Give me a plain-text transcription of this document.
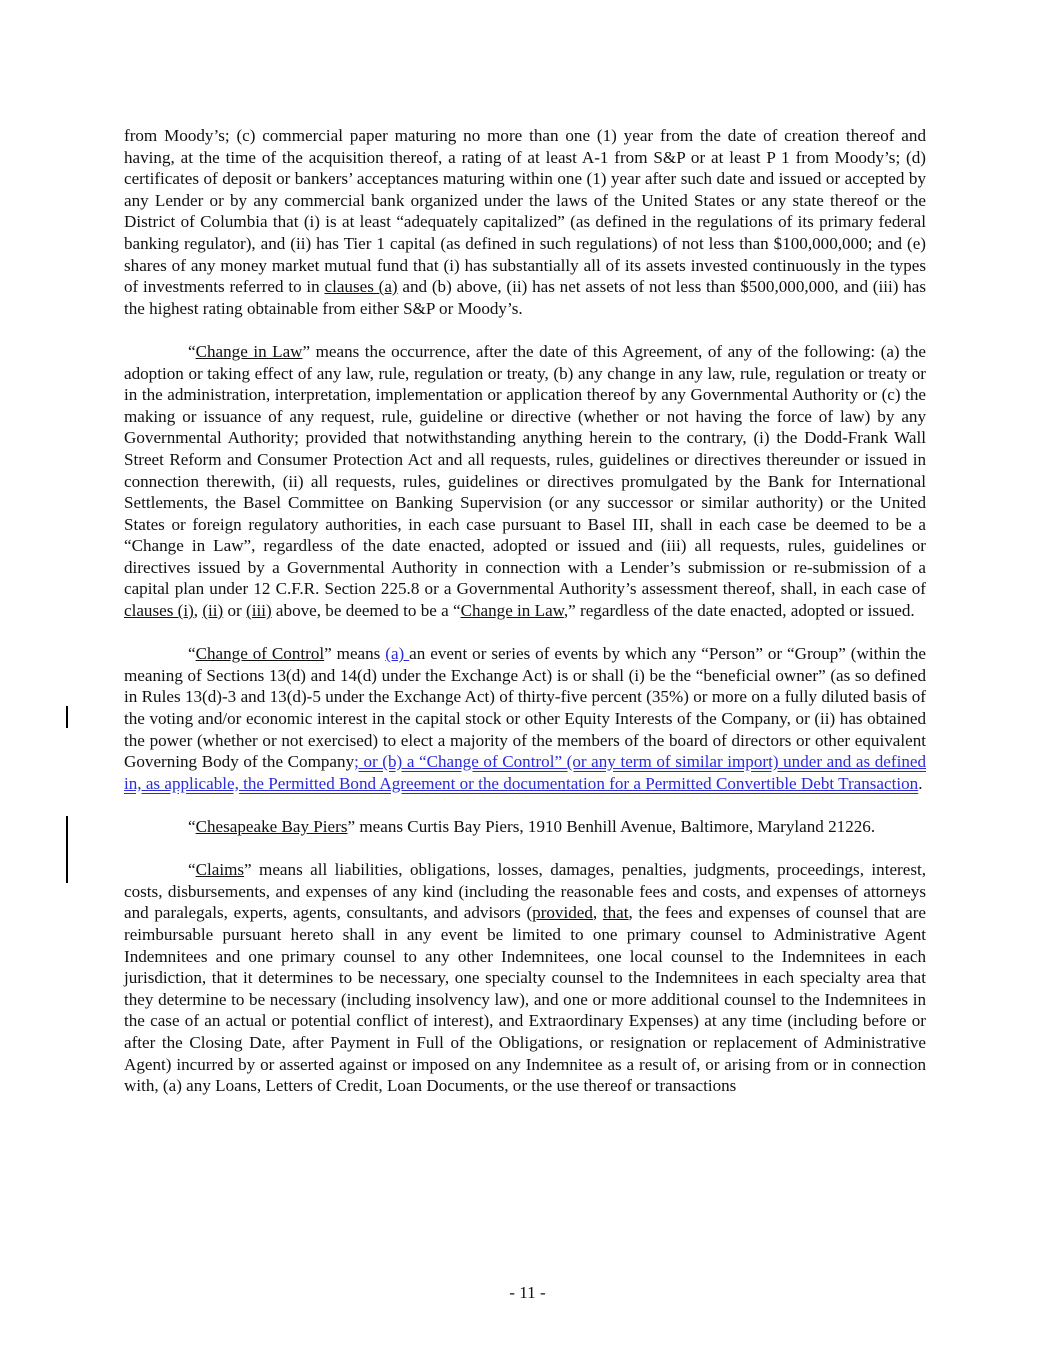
from Moody’s; (c) commercial paper maturing no more than one (1) year from the date of creation thereof and having, at the time of the acquisition thereof, a rating of at least A-1 from S&P or at least P 1 from Moody’s; (d) certificates of deposit or bankers’ acceptances maturing within one (1) year after such date and issued or accepted by any Lender or by any commercial bank organized under the laws of the United States or any state thereof or the District of Columbia that (i) is at least “adequately capitalized” (as defined in the regulations of its primary federal banking regulator), and (ii) has Tier 1 capital (as defined in such regulations) of not less than $100,000,000; and (e) shares of any money market mutual fund that (i) has substantially all of its assets invested continuously in the types of investments referred to in clauses (a) and (b) above, (ii) has net assets of not less than $500,000,000, and (iii) has the highest rating obtainable from either S&P or Moody’s.

“Change in Law” means the occurrence, after the date of this Agreement, of any of the following: (a) the adoption or taking effect of any law, rule, regulation or treaty, (b) any change in any law, rule, regulation or treaty or in the administration, interpretation, implementation or application thereof by any Governmental Authority or (c) the making or issuance of any request, rule, guideline or directive (whether or not having the force of law) by any Governmental Authority; provided that notwithstanding anything herein to the contrary, (i) the Dodd-Frank Wall Street Reform and Consumer Protection Act and all requests, rules, guidelines or directives thereunder or issued in connection therewith, (ii) all requests, rules, guidelines or directives promulgated by the Bank for International Settlements, the Basel Committee on Banking Supervision (or any successor or similar authority) or the United States or foreign regulatory authorities, in each case pursuant to Basel III, shall in each case be deemed to be a “Change in Law”, regardless of the date enacted, adopted or issued and (iii) all requests, rules, guidelines or directives issued by a Governmental Authority in connection with a Lender’s submission or re-submission of a capital plan under 12 C.F.R. Section 225.8 or a Governmental Authority’s assessment thereof, shall, in each case of clauses (i), (ii) or (iii) above, be deemed to be a “Change in Law,” regardless of the date enacted, adopted or issued.

“Change of Control” means (a) an event or series of events by which any “Person” or “Group” (within the meaning of Sections 13(d) and 14(d) under the Exchange Act) is or shall (i) be the “beneficial owner” (as so defined in Rules 13(d)-3 and 13(d)-5 under the Exchange Act) of thirty-five percent (35%) or more on a fully diluted basis of the voting and/or economic interest in the capital stock or other Equity Interests of the Company, or (ii) has obtained the power (whether or not exercised) to elect a majority of the members of the board of directors or other equivalent Governing Body of the Company; or (b) a “Change of Control” (or any term of similar import) under and as defined in, as applicable, the Permitted Bond Agreement or the documentation for a Permitted Convertible Debt Transaction.

“Chesapeake Bay Piers” means Curtis Bay Piers, 1910 Benhill Avenue, Baltimore, Maryland 21226.

“Claims” means all liabilities, obligations, losses, damages, penalties, judgments, proceedings, interest, costs, disbursements, and expenses of any kind (including the reasonable fees and costs, and expenses of attorneys and paralegals, experts, agents, consultants, and advisors (provided, that, the fees and expenses of counsel that are reimbursable pursuant hereto shall in any event be limited to one primary counsel to Administrative Agent Indemnitees and one primary counsel to any other Indemnitees, one local counsel to the Indemnitees in each jurisdiction, that it determines to be necessary, one specialty counsel to the Indemnitees in each specialty area that they determine to be necessary (including insolvency law), and one or more additional counsel to the Indemnitees in the case of an actual or potential conflict of interest), and Extraordinary Expenses) at any time (including before or after the Closing Date, after Payment in Full of the Obligations, or resignation or replacement of Administrative Agent) incurred by or asserted against or imposed on any Indemnitee as a result of, or arising from or in connection with, (a) any Loans, Letters of Credit, Loan Documents, or the use thereof or transactions

- 11 -
